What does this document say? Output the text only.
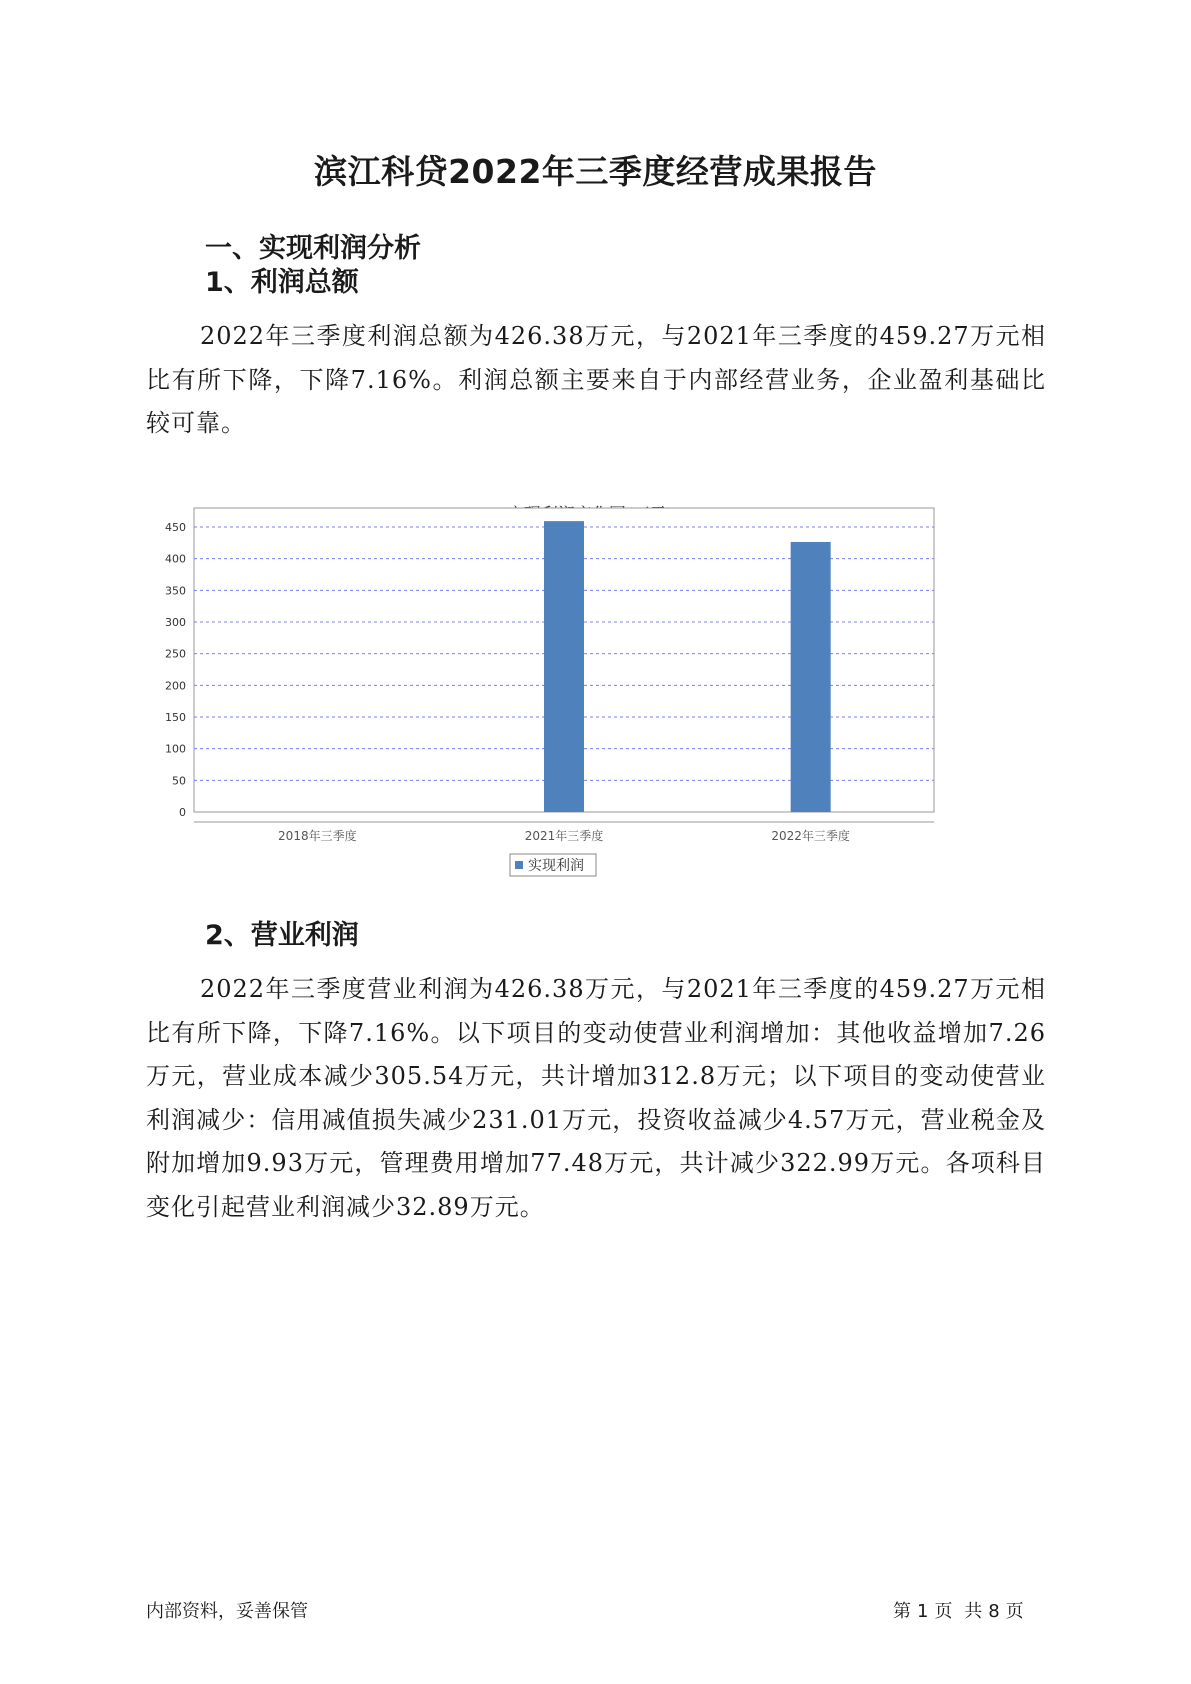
滨江科贷2022年三季度经营成果报告
一、实现利润分析
1、利润总额
2022年三季度利润总额为426.38万元，与2021年三季度的459.27万元相比有所下降，下降7.16%。利润总额主要来自于内部经营业务，企业盈利基础比较可靠。
0
50
100
150
200
250
300
350
400
450
2018年三季度	2021年三季度	2022年三季度
实现利润
2、营业利润
2022年三季度营业利润为426.38万元，与2021年三季度的459.27万元相比有所下降，下降7.16%。以下项目的变动使营业利润增加：其他收益增加7.26万元，营业成本减少305.54万元，共计增加312.8万元；以下项目的变动使营业利润减少：信用减值损失减少231.01万元，投资收益减少4.57万元，营业税金及附加增加9.93万元，管理费用增加77.48万元，共计减少322.99万元。各项科目变化引起营业利润减少32.89万元。
内部资料，妥善保管	第 1 页 共 8 页
